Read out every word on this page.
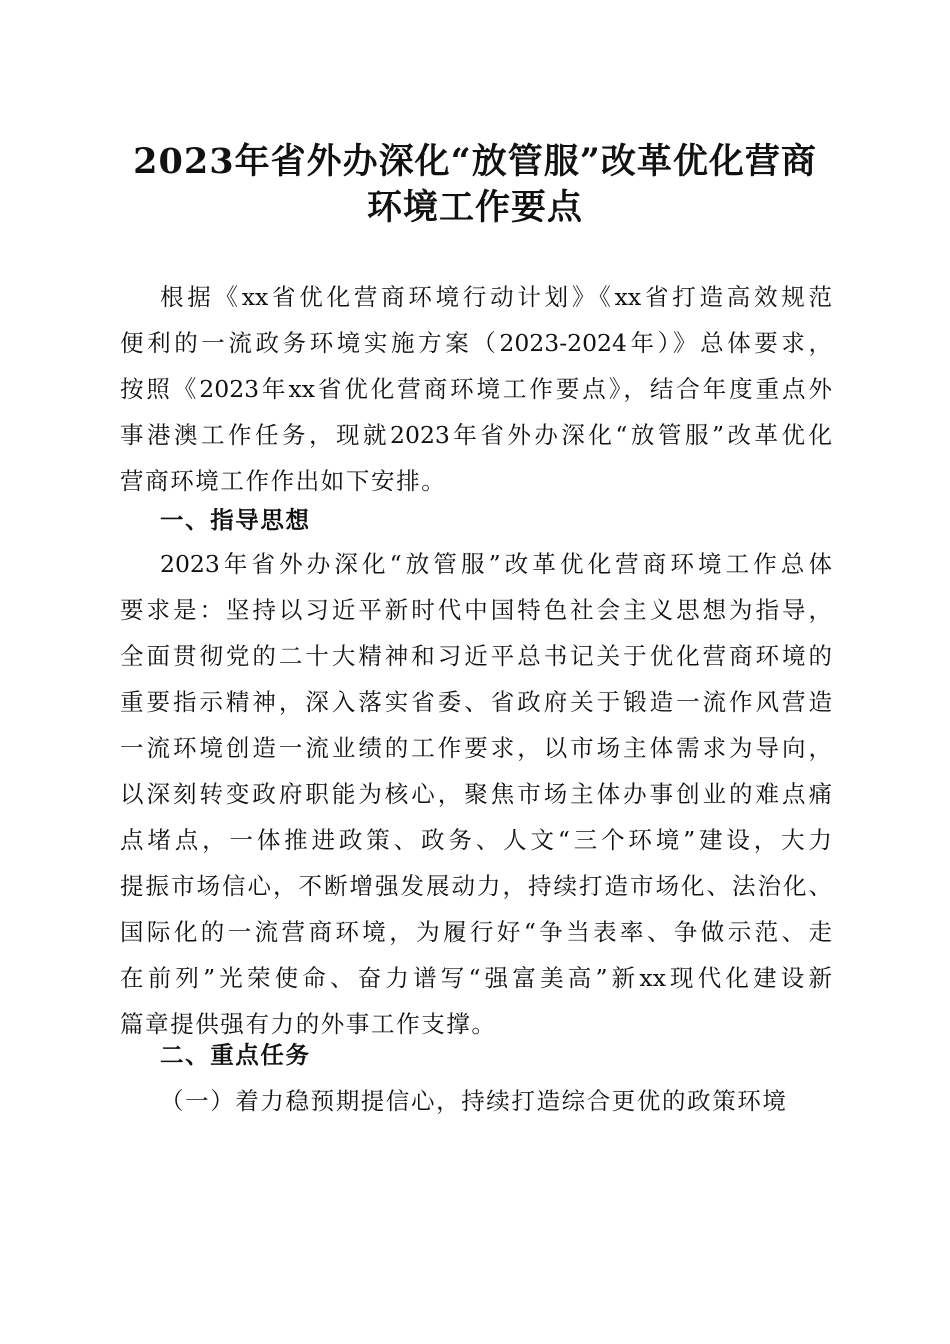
2023年省外办深化“放管服”改革优化营商
环境工作要点
根据《xx省优化营商环境行动计划》《xx省打造高效规范
便利的一流政务环境实施方案（2023-2024年）》总体要求，
按照《2023年xx省优化营商环境工作要点》，结合年度重点外
事港澳工作任务，现就2023年省外办深化“放管服”改革优化
营商环境工作作出如下安排。
一、指导思想
2023年省外办深化“放管服”改革优化营商环境工作总体
要求是：坚持以习近平新时代中国特色社会主义思想为指导，
全面贯彻党的二十大精神和习近平总书记关于优化营商环境的
重要指示精神，深入落实省委、省政府关于锻造一流作风营造
一流环境创造一流业绩的工作要求，以市场主体需求为导向，
以深刻转变政府职能为核心，聚焦市场主体办事创业的难点痛
点堵点，一体推进政策、政务、人文“三个环境”建设，大力
提振市场信心，不断增强发展动力，持续打造市场化、法治化、
国际化的一流营商环境，为履行好“争当表率、争做示范、走
在前列”光荣使命、奋力谱写“强富美高”新xx现代化建设新
篇章提供强有力的外事工作支撑。
二、重点任务
（一）着力稳预期提信心，持续打造综合更优的政策环境
